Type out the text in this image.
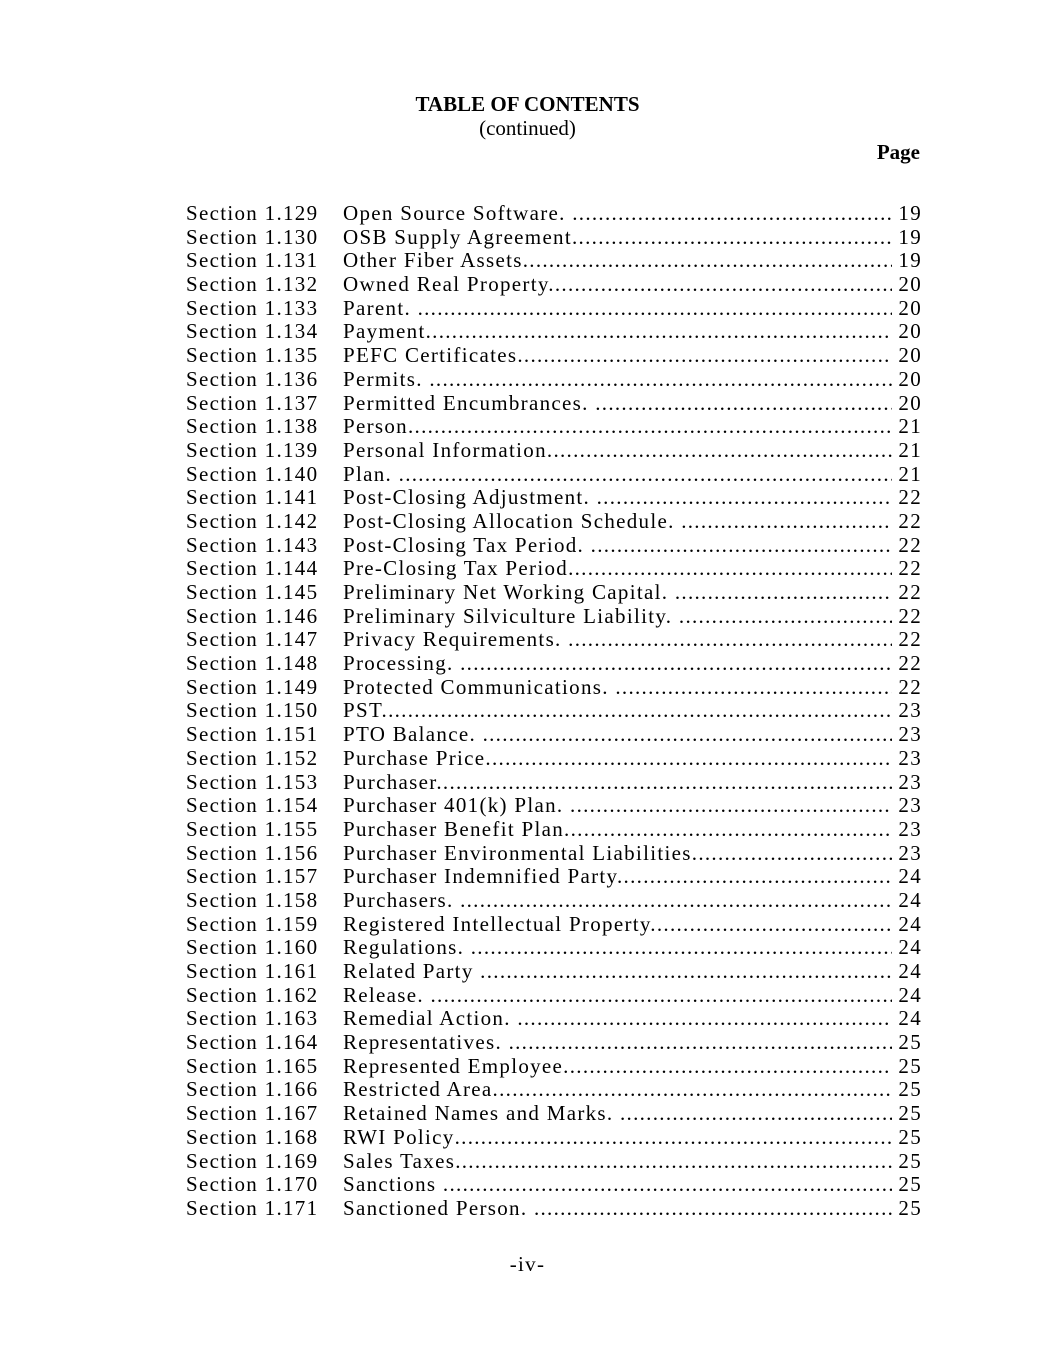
TABLE OF CONTENTS
(continued)
Page
Section 1.129	Open Source Software. .....	19
Section 1.130	OSB Supply Agreement. .....	19
Section 1.131	Other Fiber Assets .....	19
Section 1.132	Owned Real Property. .....	20
Section 1.133	Parent. .....	20
Section 1.134	Payment. .....	20
Section 1.135	PEFC Certificates. .....	20
Section 1.136	Permits. .....	20
Section 1.137	Permitted Encumbrances. .....	20
Section 1.138	Person. .....	21
Section 1.139	Personal Information. .....	21
Section 1.140	Plan. .....	21
Section 1.141	Post-Closing Adjustment. .....	22
Section 1.142	Post-Closing Allocation Schedule. .....	22
Section 1.143	Post-Closing Tax Period. .....	22
Section 1.144	Pre-Closing Tax Period. .....	22
Section 1.145	Preliminary Net Working Capital. .....	22
Section 1.146	Preliminary Silviculture Liability. .....	22
Section 1.147	Privacy Requirements. .....	22
Section 1.148	Processing. .....	22
Section 1.149	Protected Communications. .....	22
Section 1.150	PST. .....	23
Section 1.151	PTO Balance. .....	23
Section 1.152	Purchase Price. .....	23
Section 1.153	Purchaser. .....	23
Section 1.154	Purchaser 401(k) Plan. .....	23
Section 1.155	Purchaser Benefit Plan. .....	23
Section 1.156	Purchaser Environmental Liabilities. .....	23
Section 1.157	Purchaser Indemnified Party. .....	24
Section 1.158	Purchasers. .....	24
Section 1.159	Registered Intellectual Property. .....	24
Section 1.160	Regulations. .....	24
Section 1.161	Related Party .....	24
Section 1.162	Release. .....	24
Section 1.163	Remedial Action. .....	24
Section 1.164	Representatives. .....	25
Section 1.165	Represented Employee. .....	25
Section 1.166	Restricted Area. .....	25
Section 1.167	Retained Names and Marks. .....	25
Section 1.168	RWI Policy .....	25
Section 1.169	Sales Taxes .....	25
Section 1.170	Sanctions .....	25
Section 1.171	Sanctioned Person. .....	25
-iv-
